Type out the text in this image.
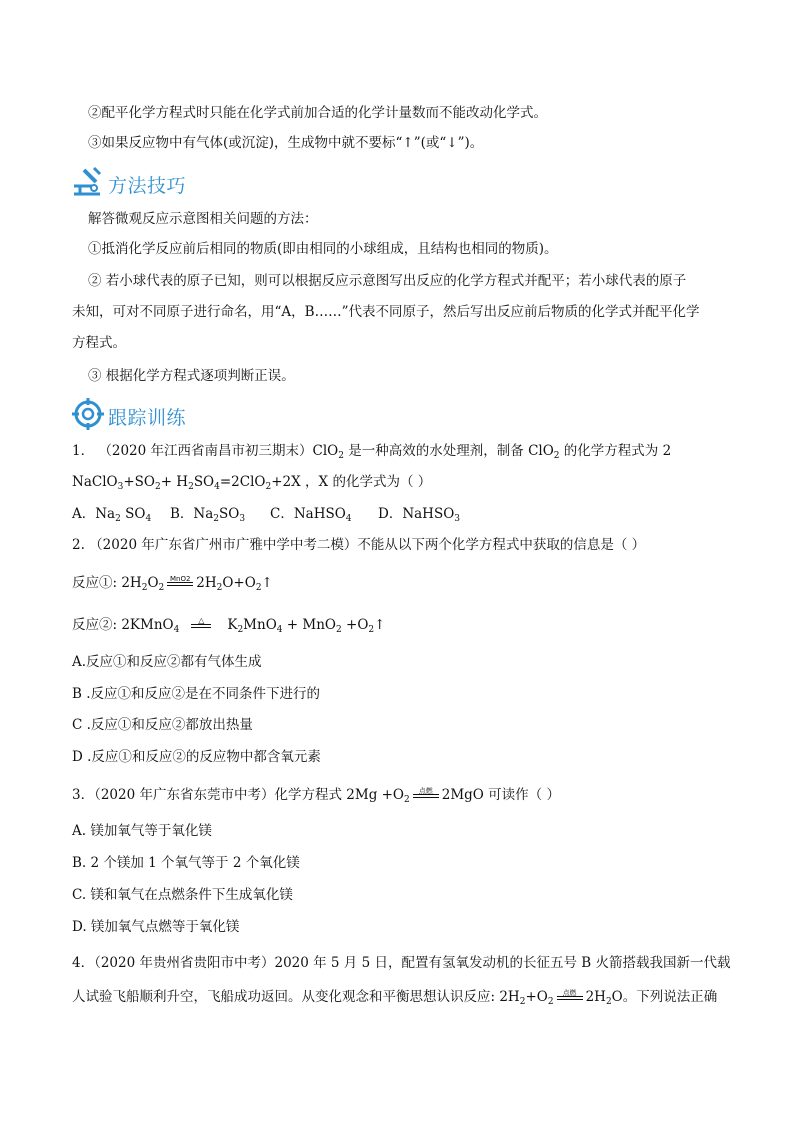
②配平化学方程式时只能在化学式前加合适的化学计量数而不能改动化学式。
③如果反应物中有气体(或沉淀)，生成物中就不要标“↑”(或“↓”)。
方法技巧
解答微观反应示意图相关问题的方法：
①抵消化学反应前后相同的物质(即由相同的小球组成，且结构也相同的物质)。
② 若小球代表的原子已知，则可以根据反应示意图写出反应的化学方程式并配平；若小球代表的原子
未知，可对不同原子进行命名，用“A，B……”代表不同原子，然后写出反应前后物质的化学式并配平化学
方程式。
③ 根据化学方程式逐项判断正误。
跟踪训练
1． （2020 年江西省南昌市初三期末）ClO$_2$ 是一种高效的水处理剂，制备 ClO$_2$ 的化学方程式为 2
$NaClO_3+SO_2+ H_2SO_4=2ClO_2+2X$ ，X 的化学式为（ ）
A．$Na_2$ $SO_4$ B．$Na_2SO_3$ C．NaHSO$_4$ D．NaHSO$_3$
2. （2020 年广东省广州市广雅中学中考二模）不能从以下两个化学方程式中获取的信息是（ ）
反应①: $2H_2O_2$
MnO2 $2H_2O+O_2↑$
反应②: 2KMnO$_4$
△	$K_2MnO_4 + MnO_2$ $+O_2↑$
A.反应①和反应②都有气体生成
B .反应①和反应②是在不同条件下进行的
C .反应①和反应②都放出热量
D .反应①和反应②的反应物中都含氧元素
3．（2020 年广东省东莞市中考）化学方程式 $2Mg +O_2$
点燃 2MgO 可读作（ ）
A. 镁加氧气等于氧化镁
B. 2 个镁加 1 个氧气等于 2 个氧化镁
C. 镁和氧气在点燃条件下生成氧化镁
D. 镁加氧气点燃等于氧化镁
4．（2020 年贵州省贵阳市中考）2020 年 5 月 5 日，配置有氢氧发动机的长征五号 B 火箭搭载我国新一代载
人试验飞船顺利升空，飞船成功返回。从变化观念和平衡思想认识反应: $2H_2+O_2$
点燃 $2H_2O$。下列说法正确
